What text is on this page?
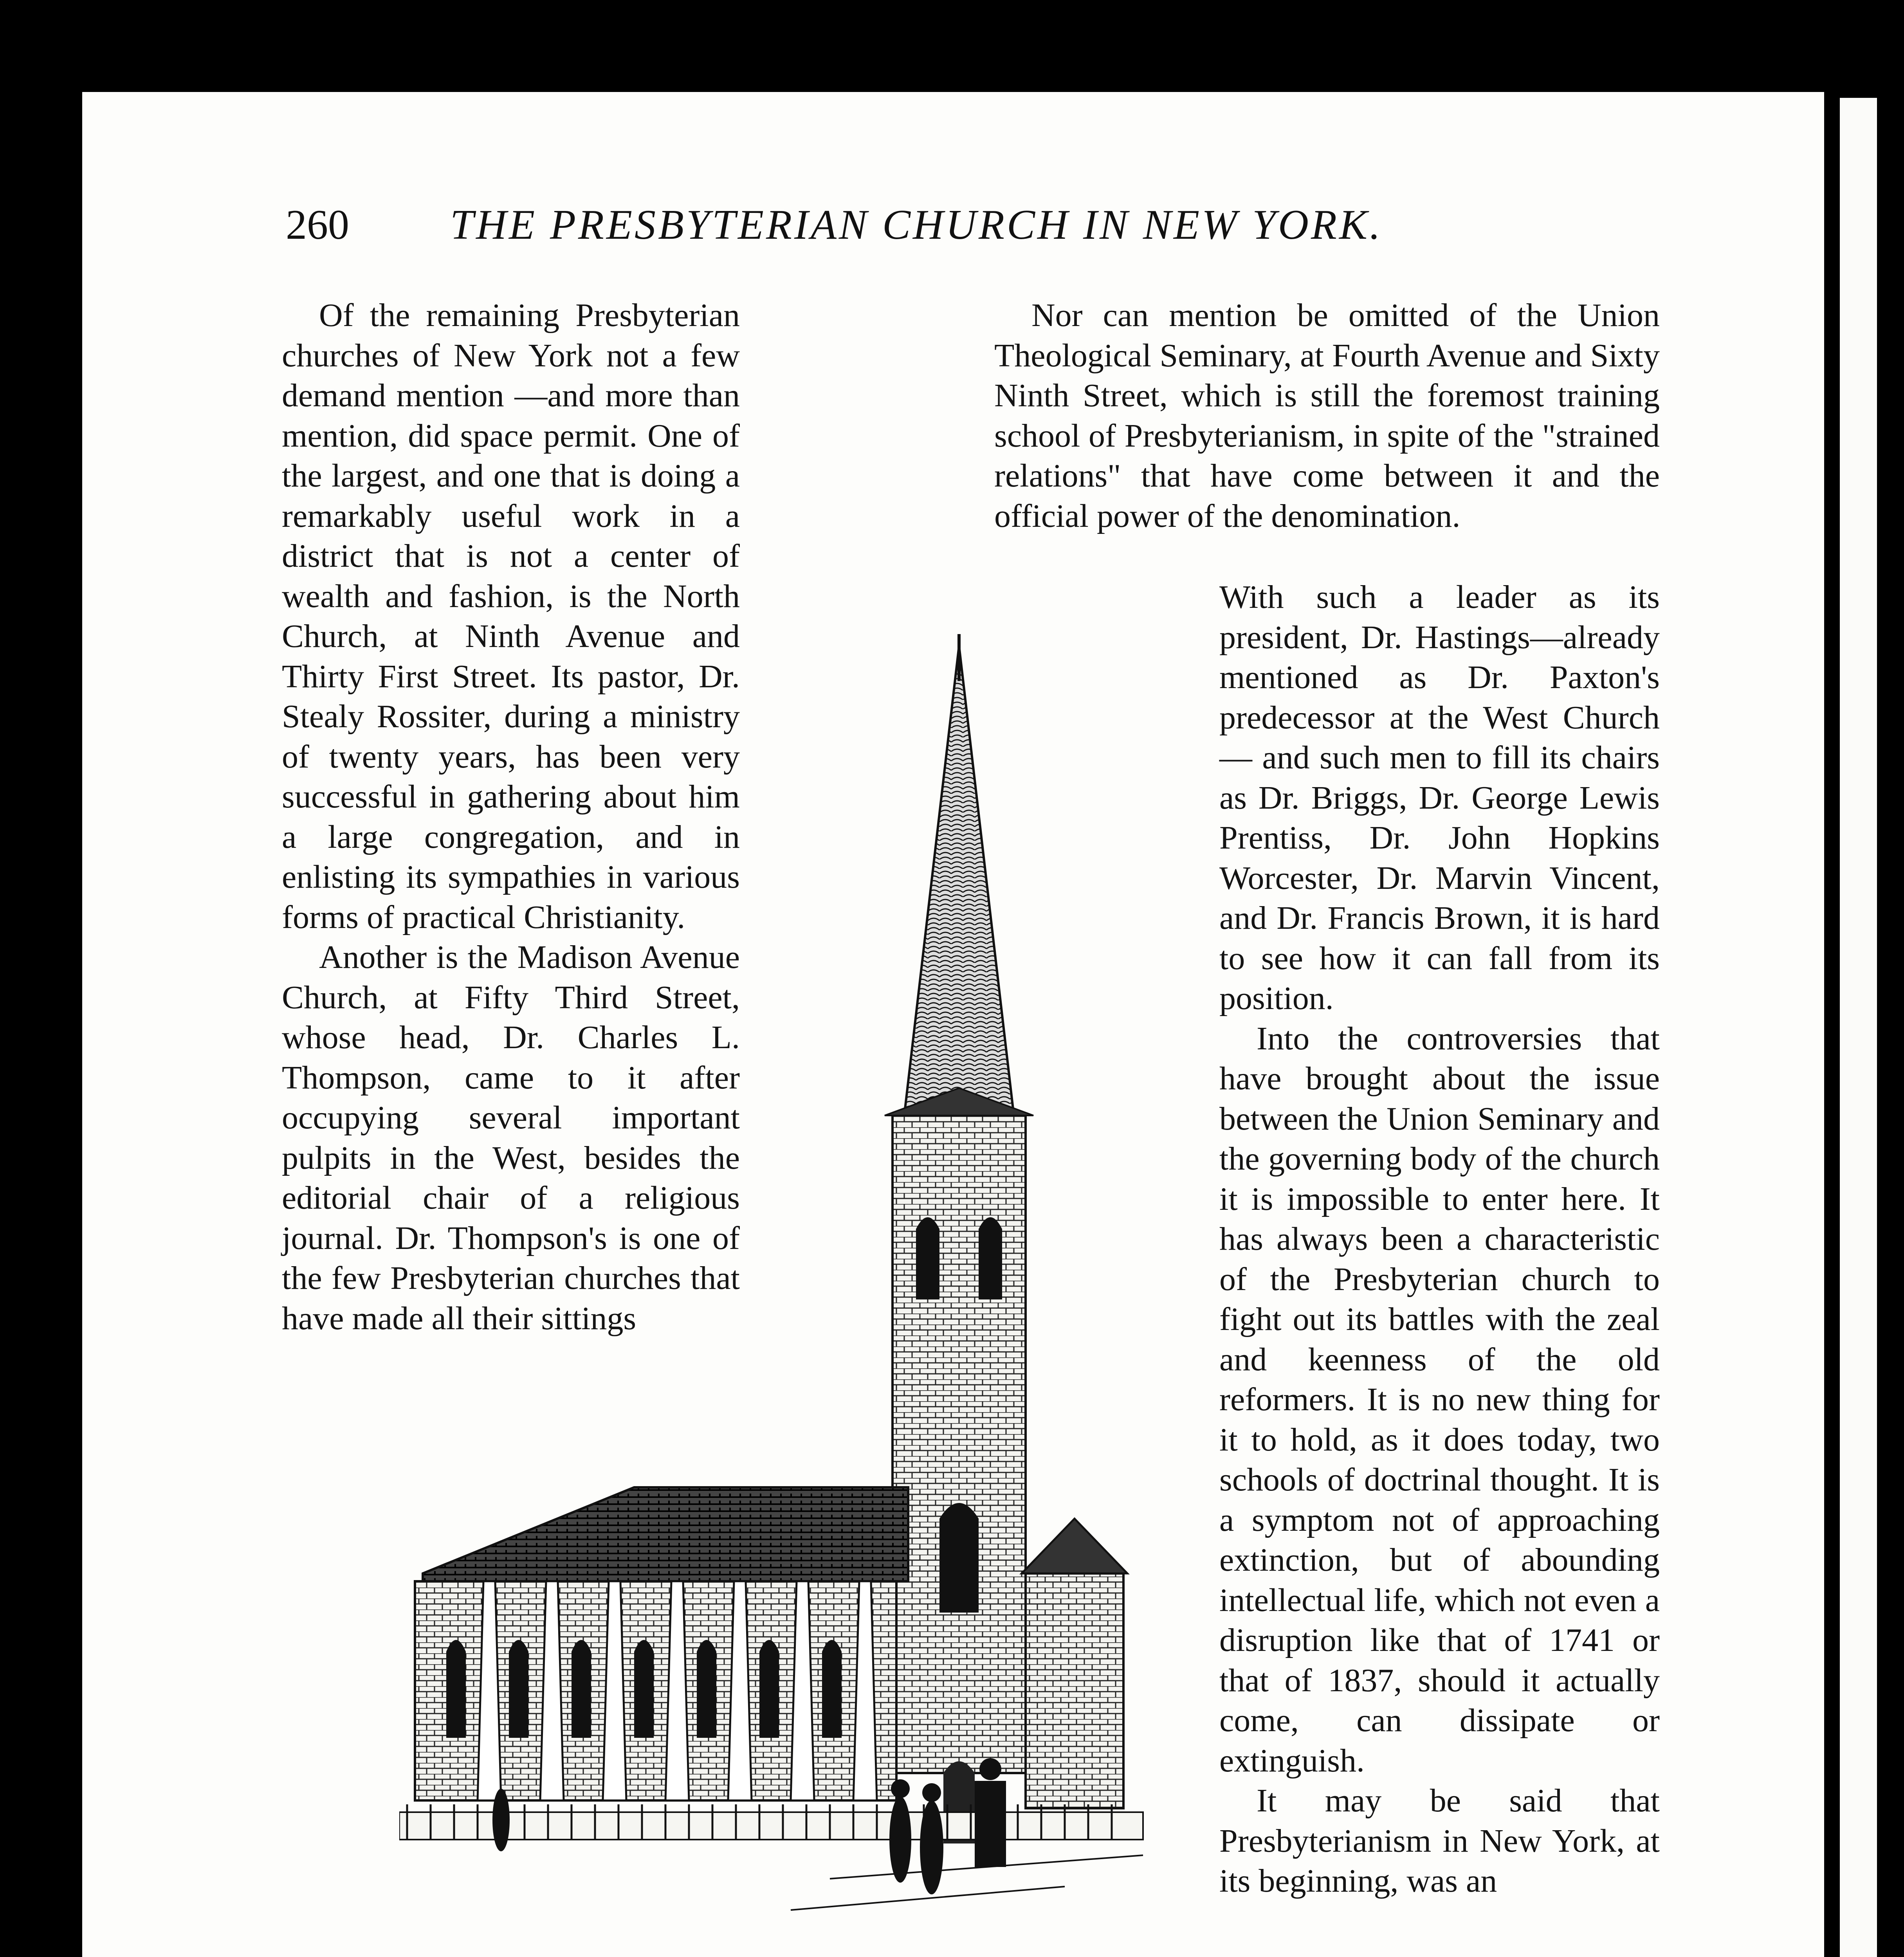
260 THE PRESBYTERIAN CHURCH IN NEW YORK.

Of the remaining Presbyterian churches of New York not a few demand mention —and more than mention, did space permit. One of the largest, and one that is doing a remarkably useful work in a district that is not a center of wealth and fashion, is the North Church, at Ninth Avenue and Thirty First Street. Its pastor, Dr. Stealy Rossiter, during a ministry of twenty years, has been very successful in gathering about him a large congregation, and in enlisting its sympathies in various forms of practical Christianity.

Another is the Madison Avenue Church, at Fifty Third Street, whose head, Dr. Charles L. Thompson, came to it after occupying several important pulpits in the West, besides the editorial chair of a religious journal. Dr. Thompson's is one of the few Presbyterian churches that have made all their sittings

Nor can mention be omitted of the Union Theological Seminary, at Fourth Avenue and Sixty Ninth Street, which is still the foremost training school of Presbyterianism, in spite of the "strained relations" that have come between it and the official power of the denomination.

With such a leader as its president, Dr. Hastings—already mentioned as Dr. Paxton's predecessor at the West Church — and such men to fill its chairs as Dr. Briggs, Dr. George Lewis Prentiss, Dr. John Hopkins Worcester, Dr. Marvin Vincent, and Dr. Francis Brown, it is hard to see how it can fall from its position.

Into the controversies that have brought about the issue between the Union Seminary and the governing body of the church it is impossible to enter here. It has always been a characteristic of the Presbyterian church to fight out its battles with the zeal and keenness of the old reformers. It is no new thing for it to hold, as it does today, two schools of doctrinal thought. It is a symptom not of approaching extinction, but of abounding intellectual life, which not even a disruption like that of 1741 or that of 1837, should it actually come, can dissipate or extinguish.

It may be said that Presbyterianism in New York, at its beginning, was an
